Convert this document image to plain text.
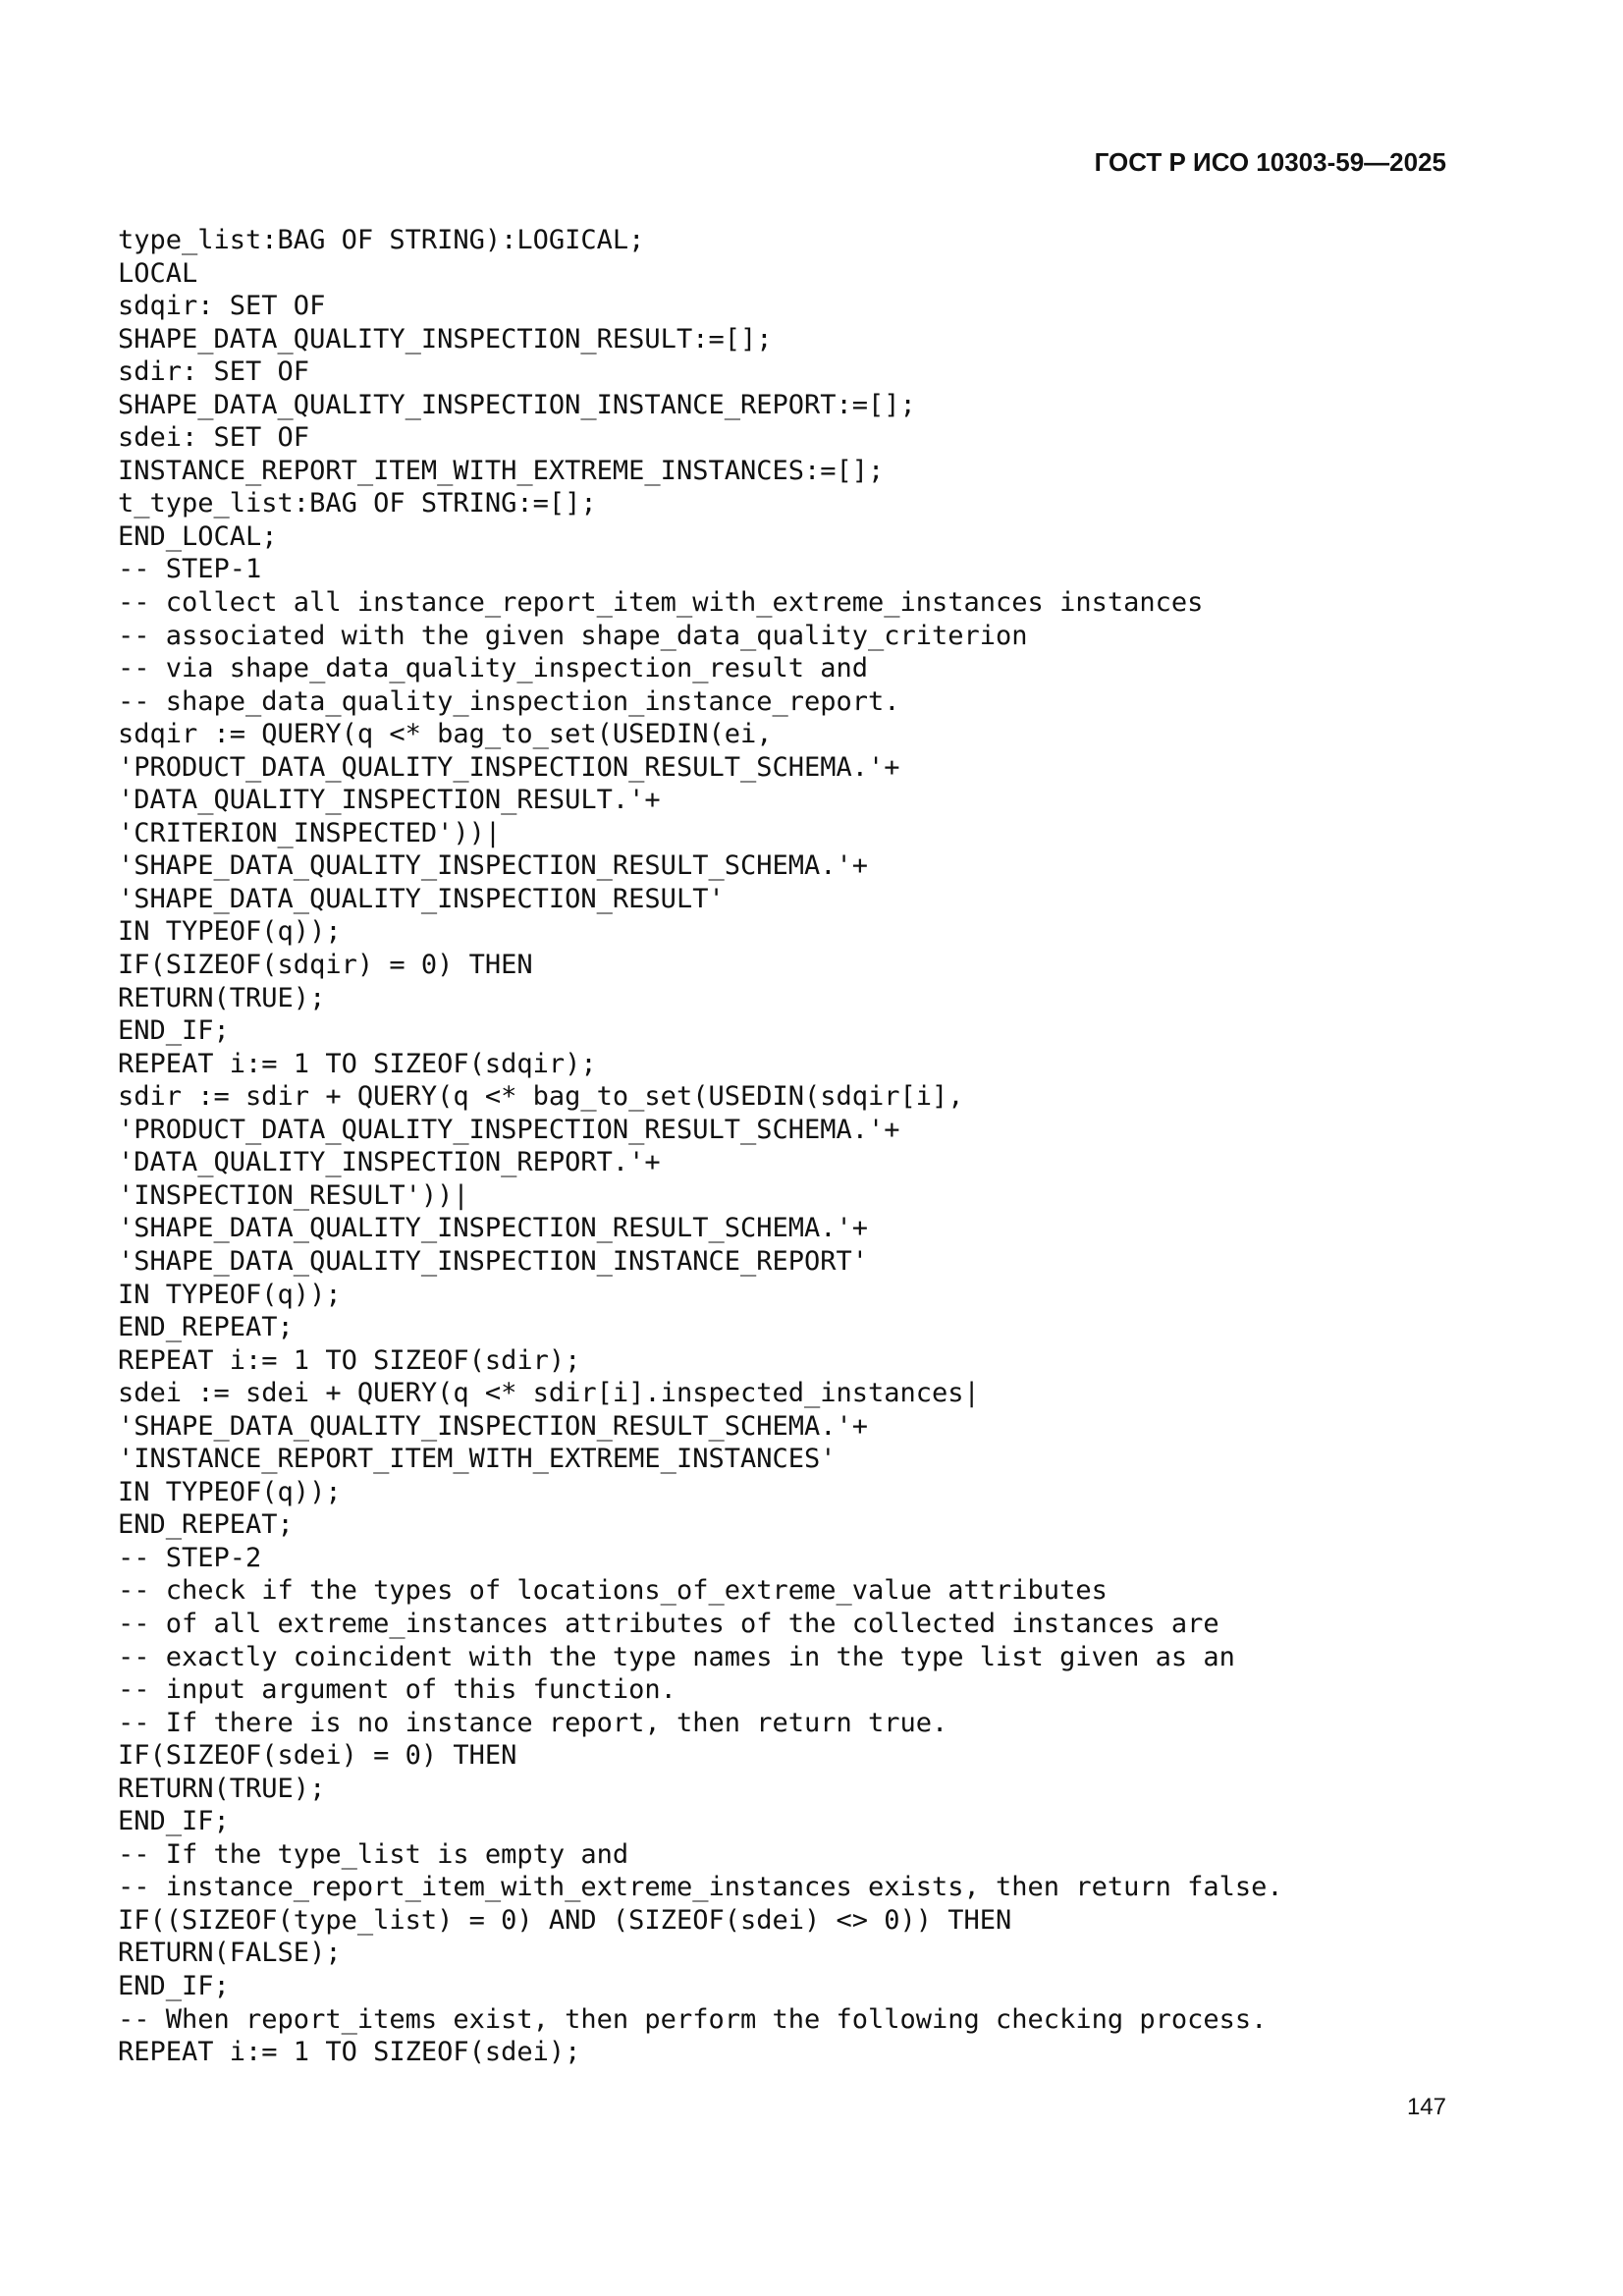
ГОСТ Р ИСО 10303-59—2025
type_list:BAG OF STRING):LOGICAL;
LOCAL
sdqir: SET OF
SHAPE_DATA_QUALITY_INSPECTION_RESULT:=[];
sdir: SET OF
SHAPE_DATA_QUALITY_INSPECTION_INSTANCE_REPORT:=[];
sdei: SET OF
INSTANCE_REPORT_ITEM_WITH_EXTREME_INSTANCES:=[];
t_type_list:BAG OF STRING:=[];
END_LOCAL;
-- STEP-1
-- collect all instance_report_item_with_extreme_instances instances
-- associated with the given shape_data_quality_criterion
-- via shape_data_quality_inspection_result and
-- shape_data_quality_inspection_instance_report.
sdqir := QUERY(q <* bag_to_set(USEDIN(ei,
'PRODUCT_DATA_QUALITY_INSPECTION_RESULT_SCHEMA.'+
'DATA_QUALITY_INSPECTION_RESULT.'+
'CRITERION_INSPECTED'))|
'SHAPE_DATA_QUALITY_INSPECTION_RESULT_SCHEMA.'+
'SHAPE_DATA_QUALITY_INSPECTION_RESULT'
IN TYPEOF(q));
IF(SIZEOF(sdqir) = 0) THEN
RETURN(TRUE);
END_IF;
REPEAT i:= 1 TO SIZEOF(sdqir);
sdir := sdir + QUERY(q <* bag_to_set(USEDIN(sdqir[i],
'PRODUCT_DATA_QUALITY_INSPECTION_RESULT_SCHEMA.'+
'DATA_QUALITY_INSPECTION_REPORT.'+
'INSPECTION_RESULT'))|
'SHAPE_DATA_QUALITY_INSPECTION_RESULT_SCHEMA.'+
'SHAPE_DATA_QUALITY_INSPECTION_INSTANCE_REPORT'
IN TYPEOF(q));
END_REPEAT;
REPEAT i:= 1 TO SIZEOF(sdir);
sdei := sdei + QUERY(q <* sdir[i].inspected_instances|
'SHAPE_DATA_QUALITY_INSPECTION_RESULT_SCHEMA.'+
'INSTANCE_REPORT_ITEM_WITH_EXTREME_INSTANCES'
IN TYPEOF(q));
END_REPEAT;
-- STEP-2
-- check if the types of locations_of_extreme_value attributes
-- of all extreme_instances attributes of the collected instances are
-- exactly coincident with the type names in the type list given as an
-- input argument of this function.
-- If there is no instance report, then return true.
IF(SIZEOF(sdei) = 0) THEN
RETURN(TRUE);
END_IF;
-- If the type_list is empty and
-- instance_report_item_with_extreme_instances exists, then return false.
IF((SIZEOF(type_list) = 0) AND (SIZEOF(sdei) <> 0)) THEN
RETURN(FALSE);
END_IF;
-- When report_items exist, then perform the following checking process.
REPEAT i:= 1 TO SIZEOF(sdei);
147
